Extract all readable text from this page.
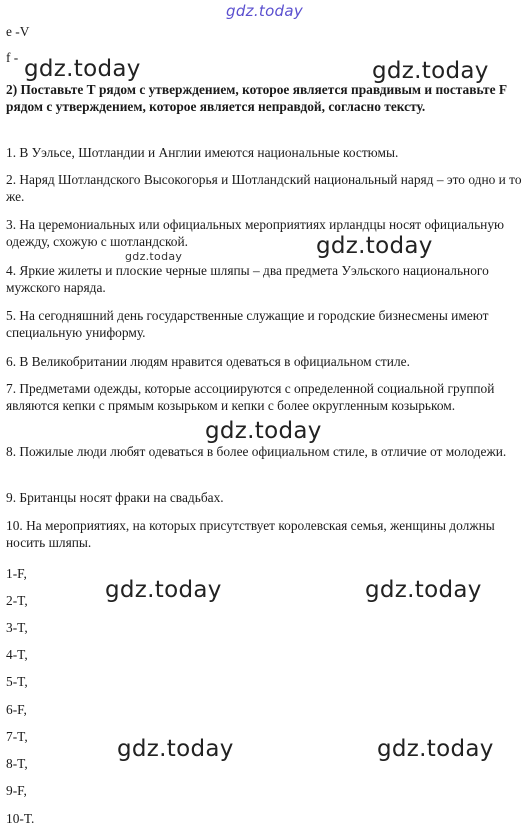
gdz.today
gdz.today	gdz.today
gdz.today
gdz.today
gdz.today
gdz.today	gdz.today
gdz.today	gdz.today
e -V
f -
2) Поставьте Т рядом с утверждением, которое является правдивым и поставьте F рядом с утверждением, которое является неправдой, согласно тексту.
1. В Уэльсе, Шотландии и Англии имеются национальные костюмы.
2. Наряд Шотландского Высокогорья и Шотландский национальный наряд – это одно и то же.
3. На церемониальных или официальных мероприятиях ирландцы носят официальную одежду, схожую с шотландской.
4. Яркие жилеты и плоские черные шляпы – два предмета Уэльского национального мужского наряда.
5. На сегодняшний день государственные служащие и городские бизнесмены имеют специальную униформу.
6. В Великобритании людям нравится одеваться в официальном стиле.
7. Предметами одежды, которые ассоциируются с определенной социальной группой являются кепки с прямым козырьком и кепки с более округленным козырьком.
8. Пожилые люди любят одеваться в более официальном стиле, в отличие от молодежи.
9. Британцы носят фраки на свадьбах.
10. На мероприятиях, на которых присутствует королевская семья, женщины должны носить шляпы.
1-F,
2-T,
3-T,
4-T,
5-T,
6-F,
7-T,
8-T,
9-F,
10-T.
